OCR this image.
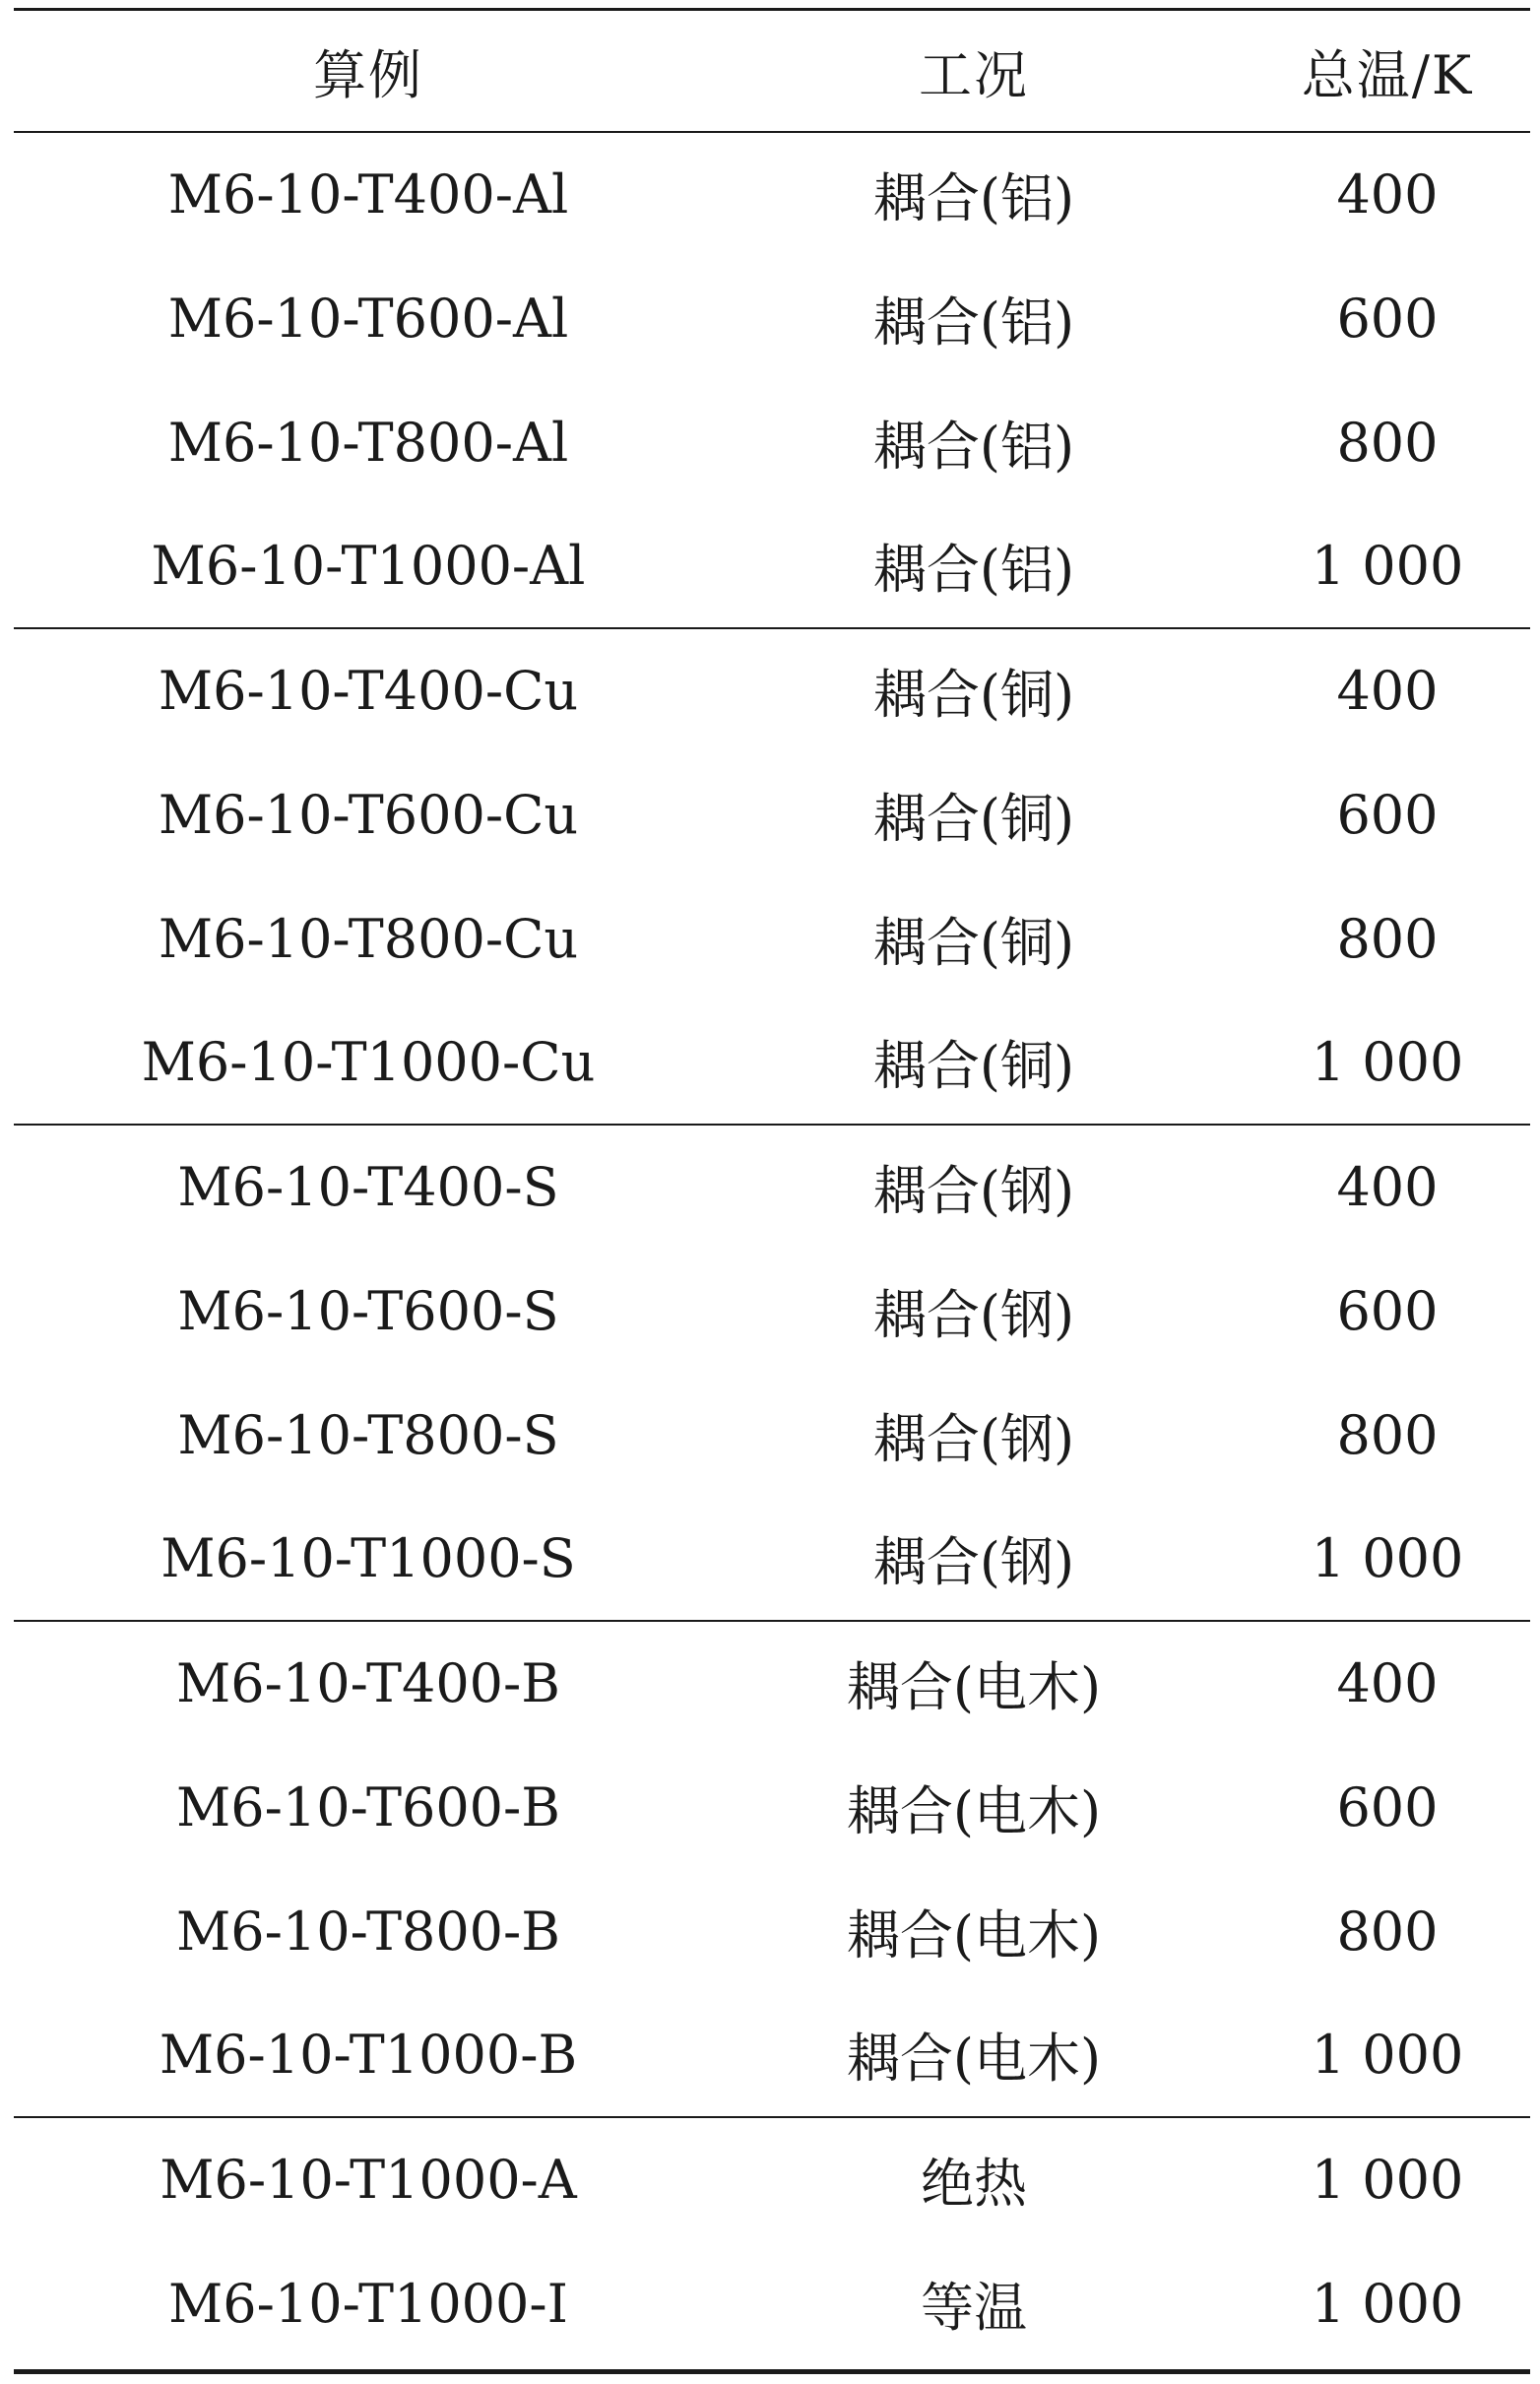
算例	工况	总温/K
M6-10-T400-Al	耦合(铝)	400
M6-10-T600-Al	耦合(铝)	600
M6-10-T800-Al	耦合(铝)	800
M6-10-T1000-Al	耦合(铝)	1 000
M6-10-T400-Cu	耦合(铜)	400
M6-10-T600-Cu	耦合(铜)	600
M6-10-T800-Cu	耦合(铜)	800
M6-10-T1000-Cu	耦合(铜)	1 000
M6-10-T400-S	耦合(钢)	400
M6-10-T600-S	耦合(钢)	600
M6-10-T800-S	耦合(钢)	800
M6-10-T1000-S	耦合(钢)	1 000
M6-10-T400-B	耦合(电木)	400
M6-10-T600-B	耦合(电木)	600
M6-10-T800-B	耦合(电木)	800
M6-10-T1000-B	耦合(电木)	1 000
M6-10-T1000-A	绝热	1 000
M6-10-T1000-I	等温	1 000
